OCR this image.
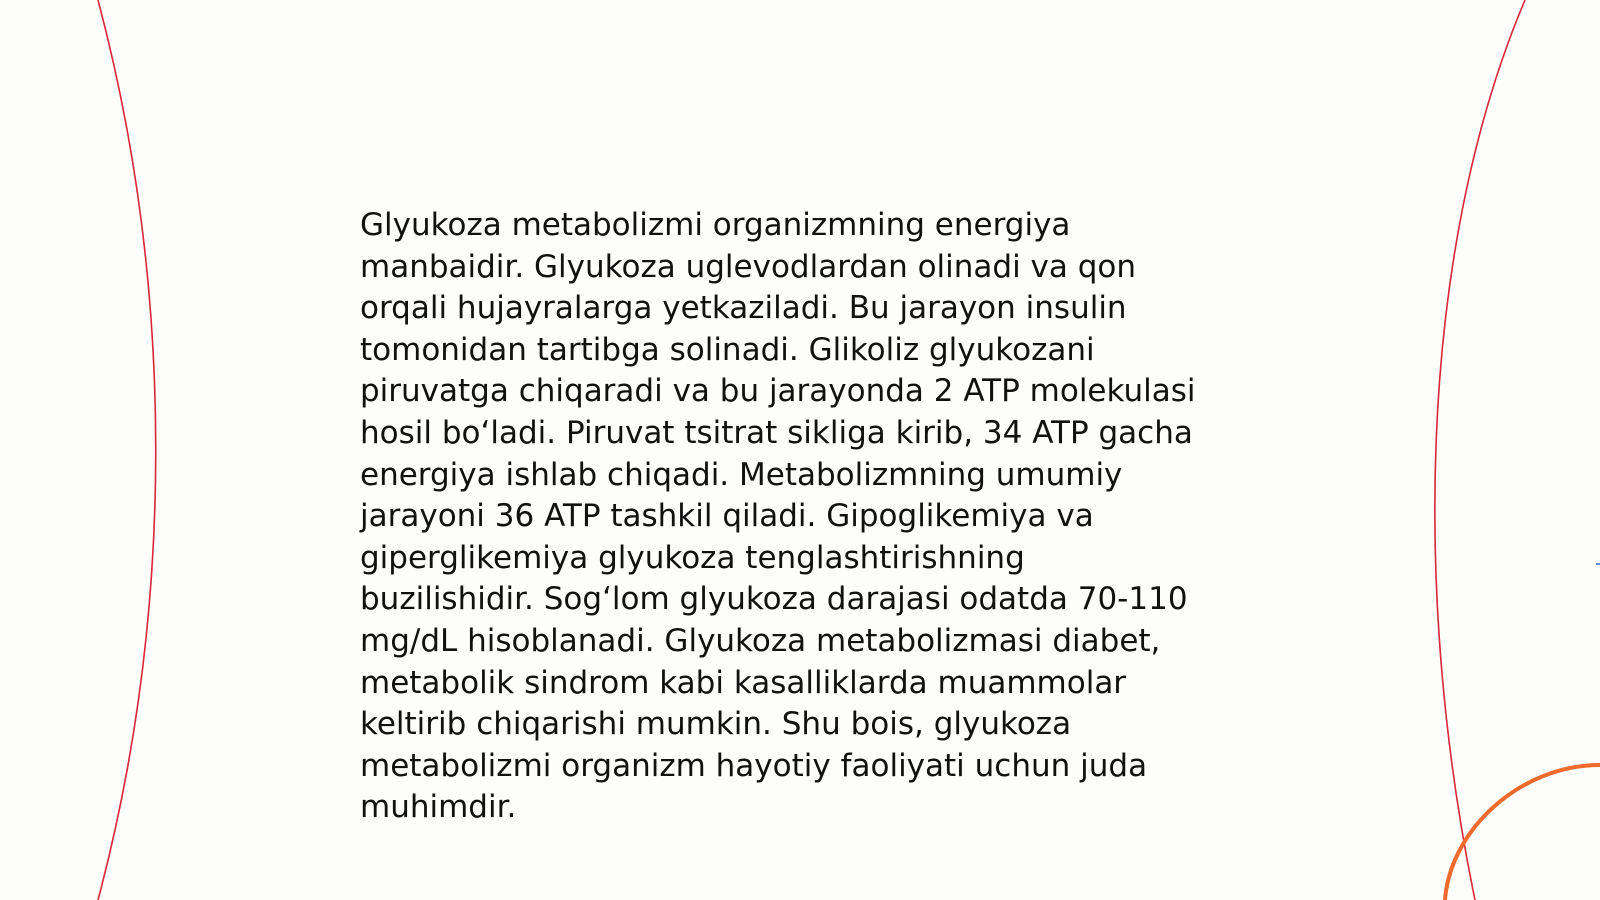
Glyukoza metabolizmi organizmning energiya
manbaidir. Glyukoza uglevodlardan olinadi va qon
orqali hujayralarga yetkaziladi. Bu jarayon insulin
tomonidan tartibga solinadi. Glikoliz glyukozani
piruvatga chiqaradi va bu jarayonda 2 ATP molekulasi
hosil bo‘ladi. Piruvat tsitrat sikliga kirib, 34 ATP gacha
energiya ishlab chiqadi. Metabolizmning umumiy
jarayoni 36 ATP tashkil qiladi. Gipoglikemiya va
giperglikemiya glyukoza tenglashtirishning
buzilishidir. Sog‘lom glyukoza darajasi odatda 70-110
mg/dL hisoblanadi. Glyukoza metabolizmasi diabet,
metabolik sindrom kabi kasalliklarda muammolar
keltirib chiqarishi mumkin. Shu bois, glyukoza
metabolizmi organizm hayotiy faoliyati uchun juda
muhimdir.
